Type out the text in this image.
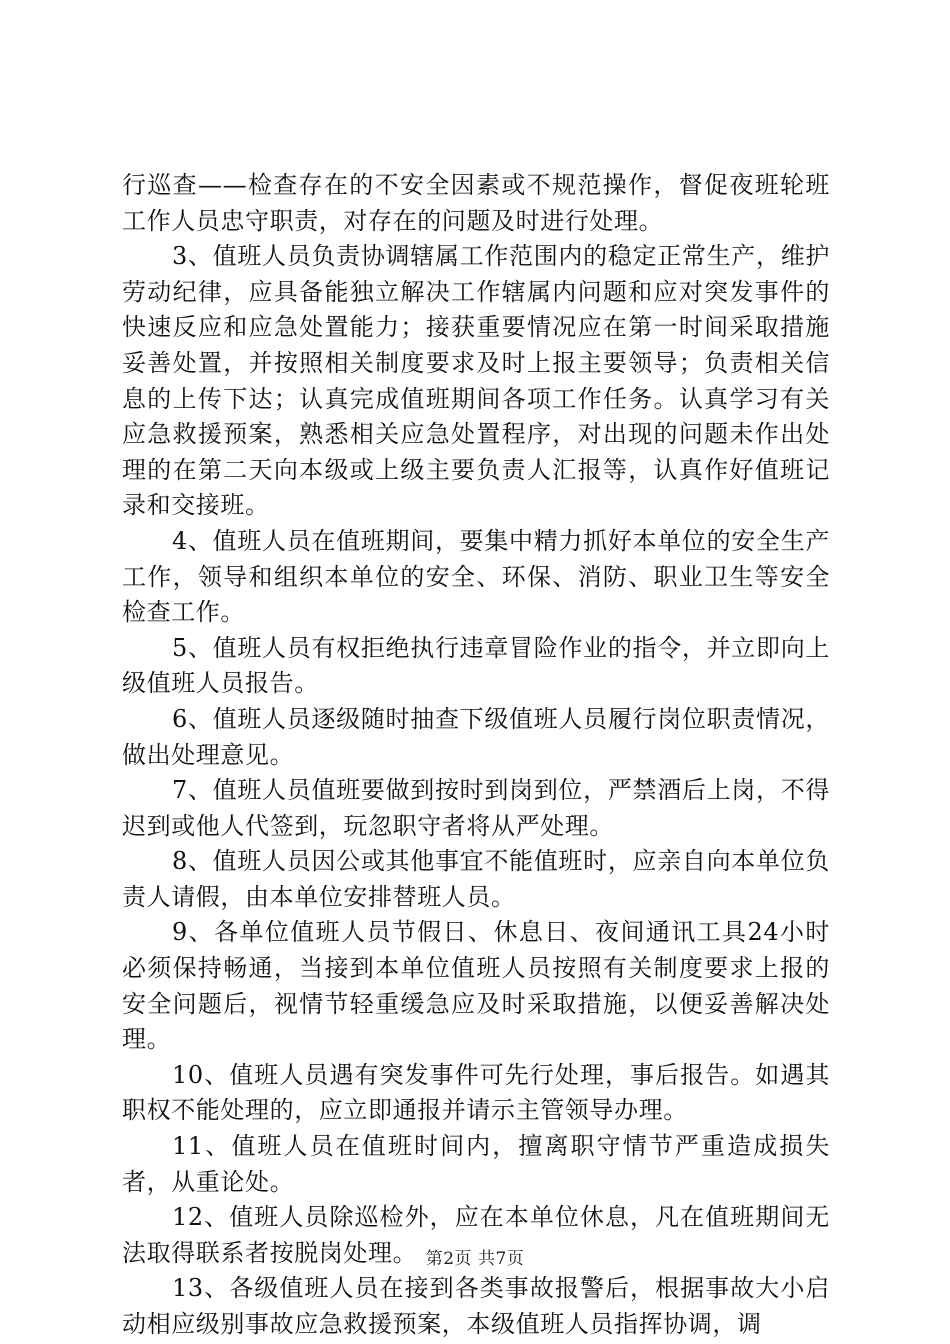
行巡查——检查存在的不安全因素或不规范操作，督促夜班轮班工作人员忠守职责，对存在的问题及时进行处理。

3、值班人员负责协调辖属工作范围内的稳定正常生产，维护劳动纪律，应具备能独立解决工作辖属内问题和应对突发事件的快速反应和应急处置能力；接获重要情况应在第一时间采取措施妥善处置，并按照相关制度要求及时上报主要领导；负责相关信息的上传下达；认真完成值班期间各项工作任务。认真学习有关应急救援预案，熟悉相关应急处置程序，对出现的问题未作出处理的在第二天向本级或上级主要负责人汇报等，认真作好值班记录和交接班。

4、值班人员在值班期间，要集中精力抓好本单位的安全生产工作，领导和组织本单位的安全、环保、消防、职业卫生等安全检查工作。

5、值班人员有权拒绝执行违章冒险作业的指令，并立即向上级值班人员报告。

6、值班人员逐级随时抽查下级值班人员履行岗位职责情况，做出处理意见。

7、值班人员值班要做到按时到岗到位，严禁酒后上岗，不得迟到或他人代签到，玩忽职守者将从严处理。

8、值班人员因公或其他事宜不能值班时，应亲自向本单位负责人请假，由本单位安排替班人员。

9、各单位值班人员节假日、休息日、夜间通讯工具24小时必须保持畅通，当接到本单位值班人员按照有关制度要求上报的安全问题后，视情节轻重缓急应及时采取措施，以便妥善解决处理。

10、值班人员遇有突发事件可先行处理，事后报告。如遇其职权不能处理的，应立即通报并请示主管领导办理。

11、值班人员在值班时间内，擅离职守情节严重造成损失者，从重论处。

12、值班人员除巡检外，应在本单位休息，凡在值班期间无法取得联系者按脱岗处理。

13、各级值班人员在接到各类事故报警后，根据事故大小启动相应级别事故应急救援预案，本级值班人员指挥协调，调

第2页 共7页
